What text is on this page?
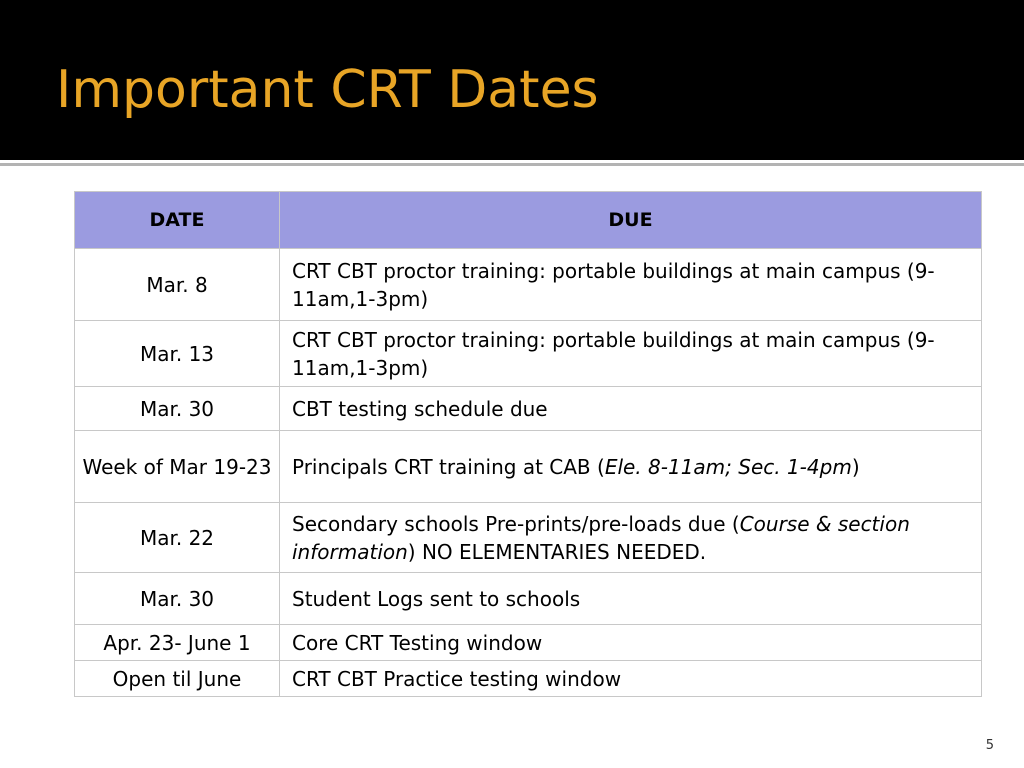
Important CRT Dates
DATE	DUE
Mar. 8	CRT CBT proctor training: portable buildings at main campus (9-11am,1-3pm)
Mar. 13	CRT CBT proctor training: portable buildings at main campus (9-11am,1-3pm)
Mar. 30	CBT testing schedule due
Week of Mar 19-23	Principals CRT training at CAB (Ele. 8-11am; Sec. 1-4pm)
Mar. 22	Secondary schools Pre-prints/pre-loads due (Course & section information) NO ELEMENTARIES NEEDED.
Mar. 30	Student Logs sent to schools
Apr. 23- June 1	Core CRT Testing window
Open til June	CRT CBT Practice testing window
5
